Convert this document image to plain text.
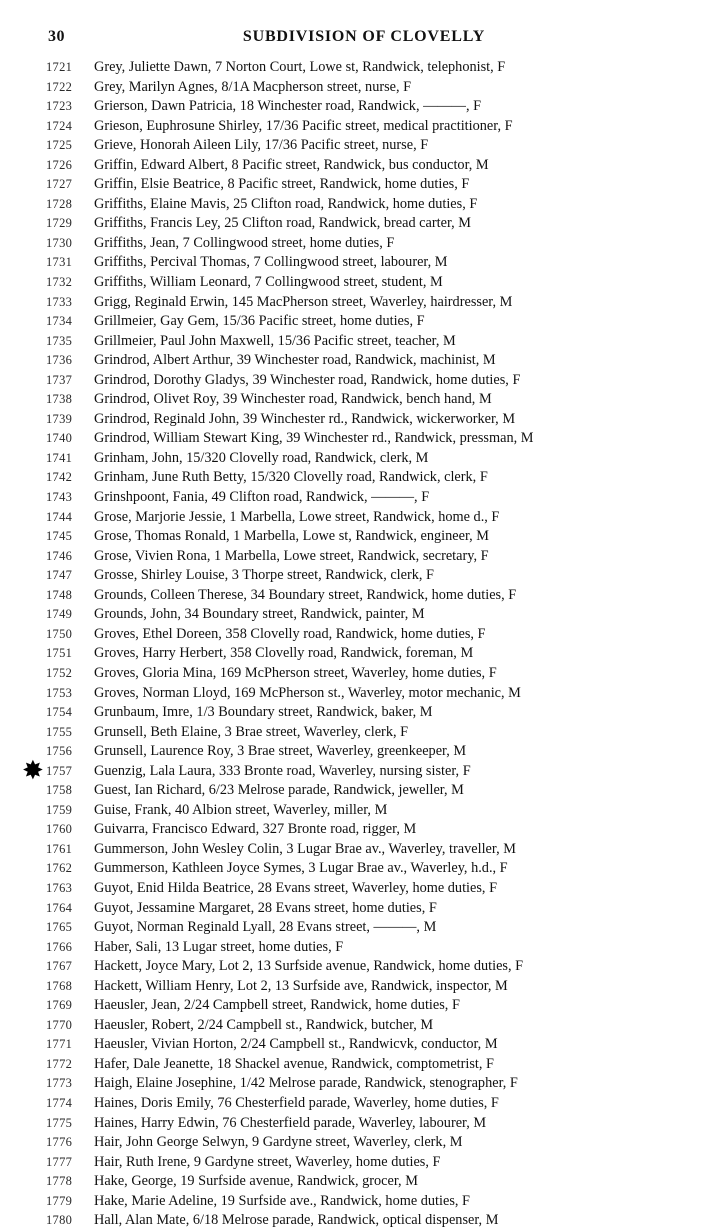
30	SUBDIVISION OF CLOVELLY
1721 Grey, Juliette Dawn, 7 Norton Court, Lowe st, Randwick, telephonist, F
1722 Grey, Marilyn Agnes, 8/1A Macpherson street, nurse, F
1723 Grierson, Dawn Patricia, 18 Winchester road, Randwick, ———, F
1724 Grieson, Euphrosune Shirley, 17/36 Pacific street, medical practitioner, F
1725 Grieve, Honorah Aileen Lily, 17/36 Pacific street, nurse, F
1726 Griffin, Edward Albert, 8 Pacific street, Randwick, bus conductor, M
1727 Griffin, Elsie Beatrice, 8 Pacific street, Randwick, home duties, F
1728 Griffiths, Elaine Mavis, 25 Clifton road, Randwick, home duties, F
1729 Griffiths, Francis Ley, 25 Clifton road, Randwick, bread carter, M
1730 Griffiths, Jean, 7 Collingwood street, home duties, F
1731 Griffiths, Percival Thomas, 7 Collingwood street, labourer, M
1732 Griffiths, William Leonard, 7 Collingwood street, student, M
1733 Grigg, Reginald Erwin, 145 MacPherson street, Waverley, hairdresser, M
1734 Grillmeier, Gay Gem, 15/36 Pacific street, home duties, F
1735 Grillmeier, Paul John Maxwell, 15/36 Pacific street, teacher, M
1736 Grindrod, Albert Arthur, 39 Winchester road, Randwick, machinist, M
1737 Grindrod, Dorothy Gladys, 39 Winchester road, Randwick, home duties, F
1738 Grindrod, Olivet Roy, 39 Winchester road, Randwick, bench hand, M
1739 Grindrod, Reginald John, 39 Winchester rd., Randwick, wickerworker, M
1740 Grindrod, William Stewart King, 39 Winchester rd., Randwick, pressman, M
1741 Grinham, John, 15/320 Clovelly road, Randwick, clerk, M
1742 Grinham, June Ruth Betty, 15/320 Clovelly road, Randwick, clerk, F
1743 Grinshpoont, Fania, 49 Clifton road, Randwick, ———, F
1744 Grose, Marjorie Jessie, 1 Marbella, Lowe street, Randwick, home d., F
1745 Grose, Thomas Ronald, 1 Marbella, Lowe st, Randwick, engineer, M
1746 Grose, Vivien Rona, 1 Marbella, Lowe street, Randwick, secretary, F
1747 Grosse, Shirley Louise, 3 Thorpe street, Randwick, clerk, F
1748 Grounds, Colleen Therese, 34 Boundary street, Randwick, home duties, F
1749 Grounds, John, 34 Boundary street, Randwick, painter, M
1750 Groves, Ethel Doreen, 358 Clovelly road, Randwick, home duties, F
1751 Groves, Harry Herbert, 358 Clovelly road, Randwick, foreman, M
1752 Groves, Gloria Mina, 169 McPherson street, Waverley, home duties, F
1753 Groves, Norman Lloyd, 169 McPherson st., Waverley, motor mechanic, M
1754 Grunbaum, Imre, 1/3 Boundary street, Randwick, baker, M
1755 Grunsell, Beth Elaine, 3 Brae street, Waverley, clerk, F
1756 Grunsell, Laurence Roy, 3 Brae street, Waverley, greenkeeper, M
✸ 1757 Guenzig, Lala Laura, 333 Bronte road, Waverley, nursing sister, F
1758 Guest, Ian Richard, 6/23 Melrose parade, Randwick, jeweller, M
1759 Guise, Frank, 40 Albion street, Waverley, miller, M
1760 Guivarra, Francisco Edward, 327 Bronte road, rigger, M
1761 Gummerson, John Wesley Colin, 3 Lugar Brae av., Waverley, traveller, M
1762 Gummerson, Kathleen Joyce Symes, 3 Lugar Brae av., Waverley, h.d., F
1763 Guyot, Enid Hilda Beatrice, 28 Evans street, Waverley, home duties, F
1764 Guyot, Jessamine Margaret, 28 Evans street, home duties, F
1765 Guyot, Norman Reginald Lyall, 28 Evans street, ———, M
1766 Haber, Sali, 13 Lugar street, home duties, F
1767 Hackett, Joyce Mary, Lot 2, 13 Surfside avenue, Randwick, home duties, F
1768 Hackett, William Henry, Lot 2, 13 Surfside ave, Randwick, inspector, M
1769 Haeusler, Jean, 2/24 Campbell street, Randwick, home duties, F
1770 Haeusler, Robert, 2/24 Campbell st., Randwick, butcher, M
1771 Haeusler, Vivian Horton, 2/24 Campbell st., Randwicvk, conductor, M
1772 Hafer, Dale Jeanette, 18 Shackel avenue, Randwick, comptometrist, F
1773 Haigh, Elaine Josephine, 1/42 Melrose parade, Randwick, stenographer, F
1774 Haines, Doris Emily, 76 Chesterfield parade, Waverley, home duties, F
1775 Haines, Harry Edwin, 76 Chesterfield parade, Waverley, labourer, M
1776 Hair, John George Selwyn, 9 Gardyne street, Waverley, clerk, M
1777 Hair, Ruth Irene, 9 Gardyne street, Waverley, home duties, F
1778 Hake, George, 19 Surfside avenue, Randwick, grocer, M
1779 Hake, Marie Adeline, 19 Surfside ave., Randwick, home duties, F
1780 Hall, Alan Mate, 6/18 Melrose parade, Randwick, optical dispenser, M
